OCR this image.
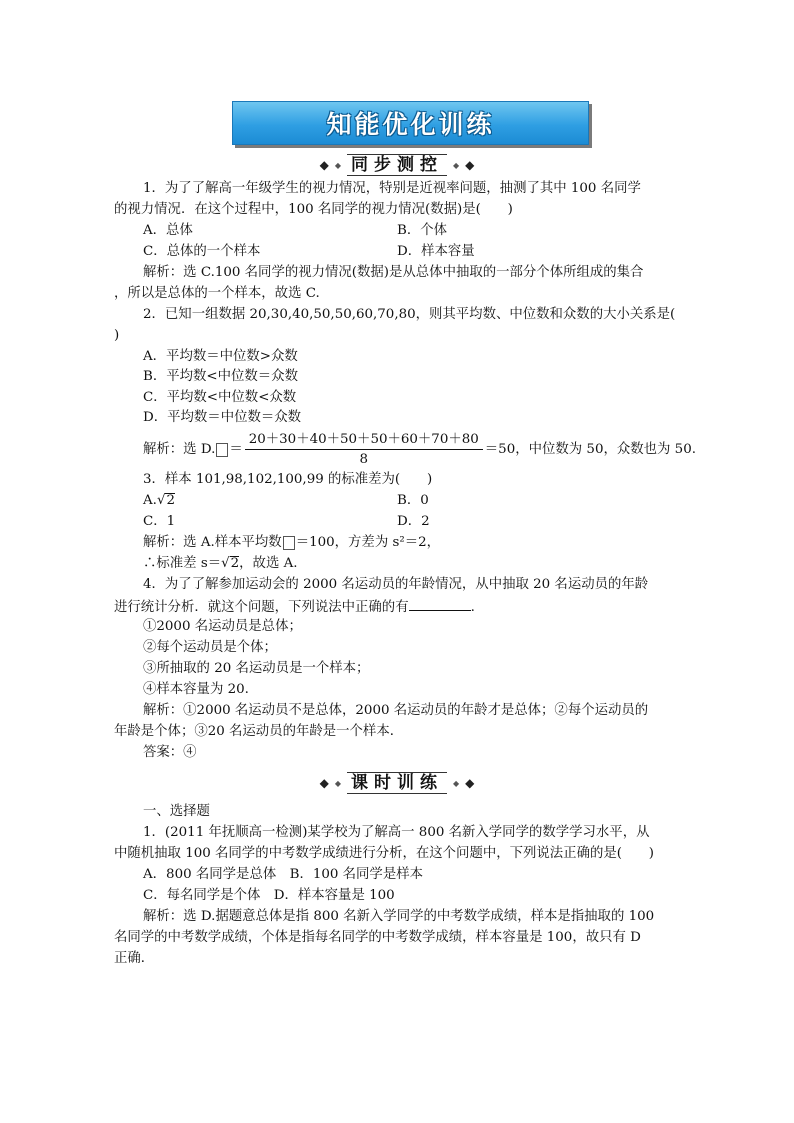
知能优化训练
◆ ◆ 同步测控	◆ ◆
1．为了了解高一年级学生的视力情况，特别是近视率问题，抽测了其中 100 名同学
的视力情况．在这个过程中，100 名同学的视力情况(数据)是(　　)
A．总体	B．个体
C．总体的一个样本	D．样本容量
解析：选 C.100 名同学的视力情况(数据)是从总体中抽取的一部分个体所组成的集合
，所以是总体的一个样本，故选 C.
2．已知一组数据 20,30,40,50,50,60,70,80，则其平均数、中位数和众数的大小关系是(
)
A．平均数＝中位数>众数
B．平均数<中位数＝众数
C．平均数<中位数<众数
D．平均数＝中位数＝众数
解析：选 D. ＝ $\frac{20+30+40+50+50+60+70+80}{8} =50$，中位数为 50，众数也为 50.
3．样本 101,98,102,100,99 的标准差为(　　)
A.√2	B．0
C．1	D．2
解析：选 A.样本平均数 ＝100，方差为 s²＝2，
∴标准差 s＝√2，故选 A.
4．为了了解参加运动会的 2000 名运动员的年龄情况，从中抽取 20 名运动员的年龄
进行统计分析．就这个问题，下列说法中正确的有	.
①2000 名运动员是总体；
②每个运动员是个体；
③所抽取的 20 名运动员是一个样本；
④样本容量为 20.
解析：①2000 名运动员不是总体，2000 名运动员的年龄才是总体；②每个运动员的
年龄是个体；③20 名运动员的年龄是一个样本．
答案：④
◆ ◆ 课时训练	◆ ◆
一、选择题
1．(2011 年抚顺高一检测)某学校为了解高一 800 名新入学同学的数学学习水平，从
中随机抽取 100 名同学的中考数学成绩进行分析，在这个问题中，下列说法正确的是(　　)
A．800 名同学是总体　B．100 名同学是样本
C．每名同学是个体　D．样本容量是 100
解析：选 D.据题意总体是指 800 名新入学同学的中考数学成绩，样本是指抽取的 100
名同学的中考数学成绩，个体是指每名同学的中考数学成绩，样本容量是 100，故只有 D
正确．
